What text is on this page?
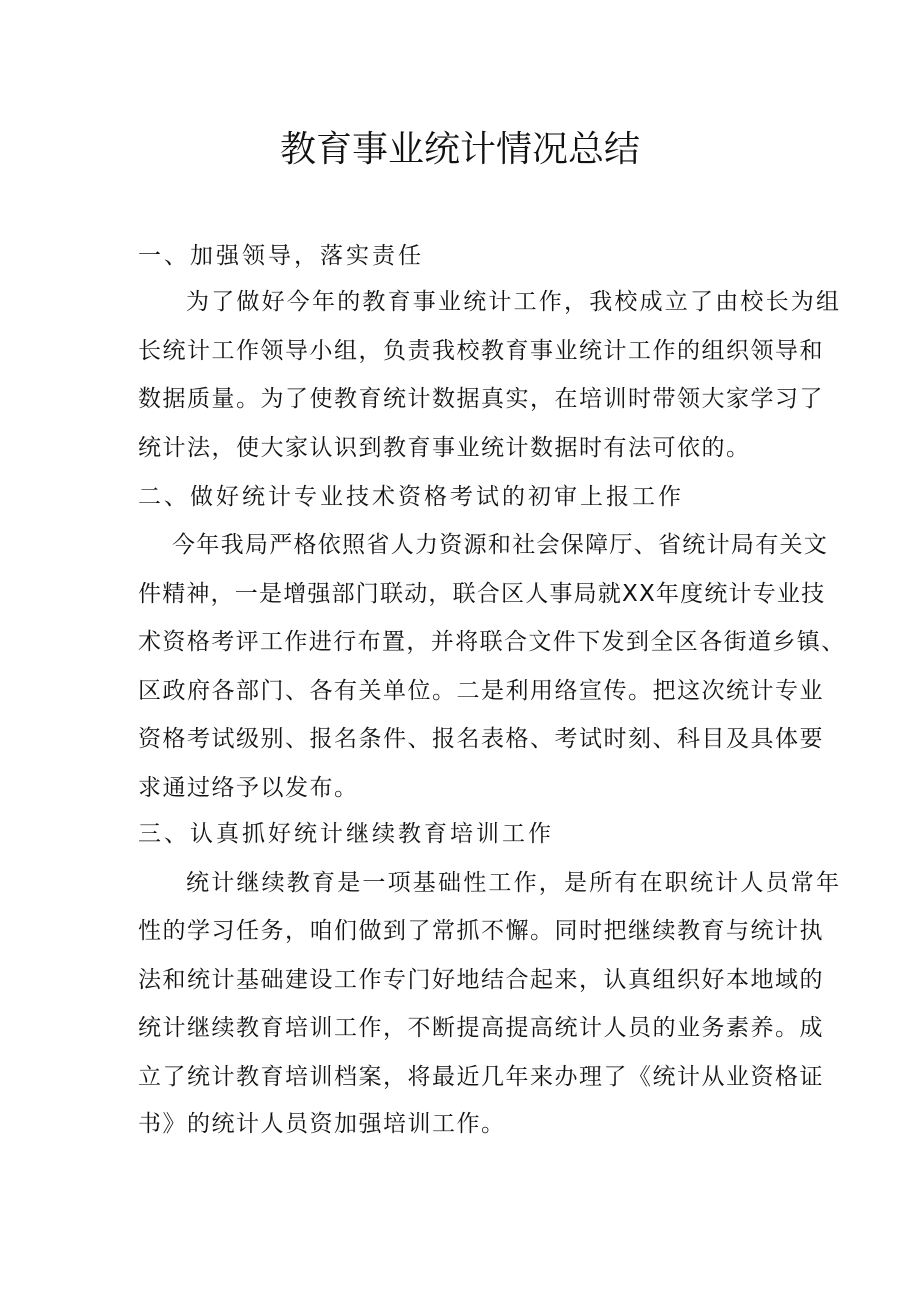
教育事业统计情况总结

一、加强领导，落实责任

为了做好今年的教育事业统计工作，我校成立了由校长为组

长统计工作领导小组，负责我校教育事业统计工作的组织领导和

数据质量。为了使教育统计数据真实，在培训时带领大家学习了

统计法，使大家认识到教育事业统计数据时有法可依的。

二、做好统计专业技术资格考试的初审上报工作

今年我局严格依照省人力资源和社会保障厅、省统计局有关文

件精神，一是增强部门联动，联合区人事局就XX年度统计专业技

术资格考评工作进行布置，并将联合文件下发到全区各街道乡镇、

区政府各部门、各有关单位。二是利用络宣传。把这次统计专业

资格考试级别、报名条件、报名表格、考试时刻、科目及具体要

求通过络予以发布。

三、认真抓好统计继续教育培训工作

统计继续教育是一项基础性工作，是所有在职统计人员常年

性的学习任务，咱们做到了常抓不懈。同时把继续教育与统计执

法和统计基础建设工作专门好地结合起来，认真组织好本地域的

统计继续教育培训工作，不断提高提高统计人员的业务素养。成

立了统计教育培训档案，将最近几年来办理了《统计从业资格证

书》的统计人员资加强培训工作。
